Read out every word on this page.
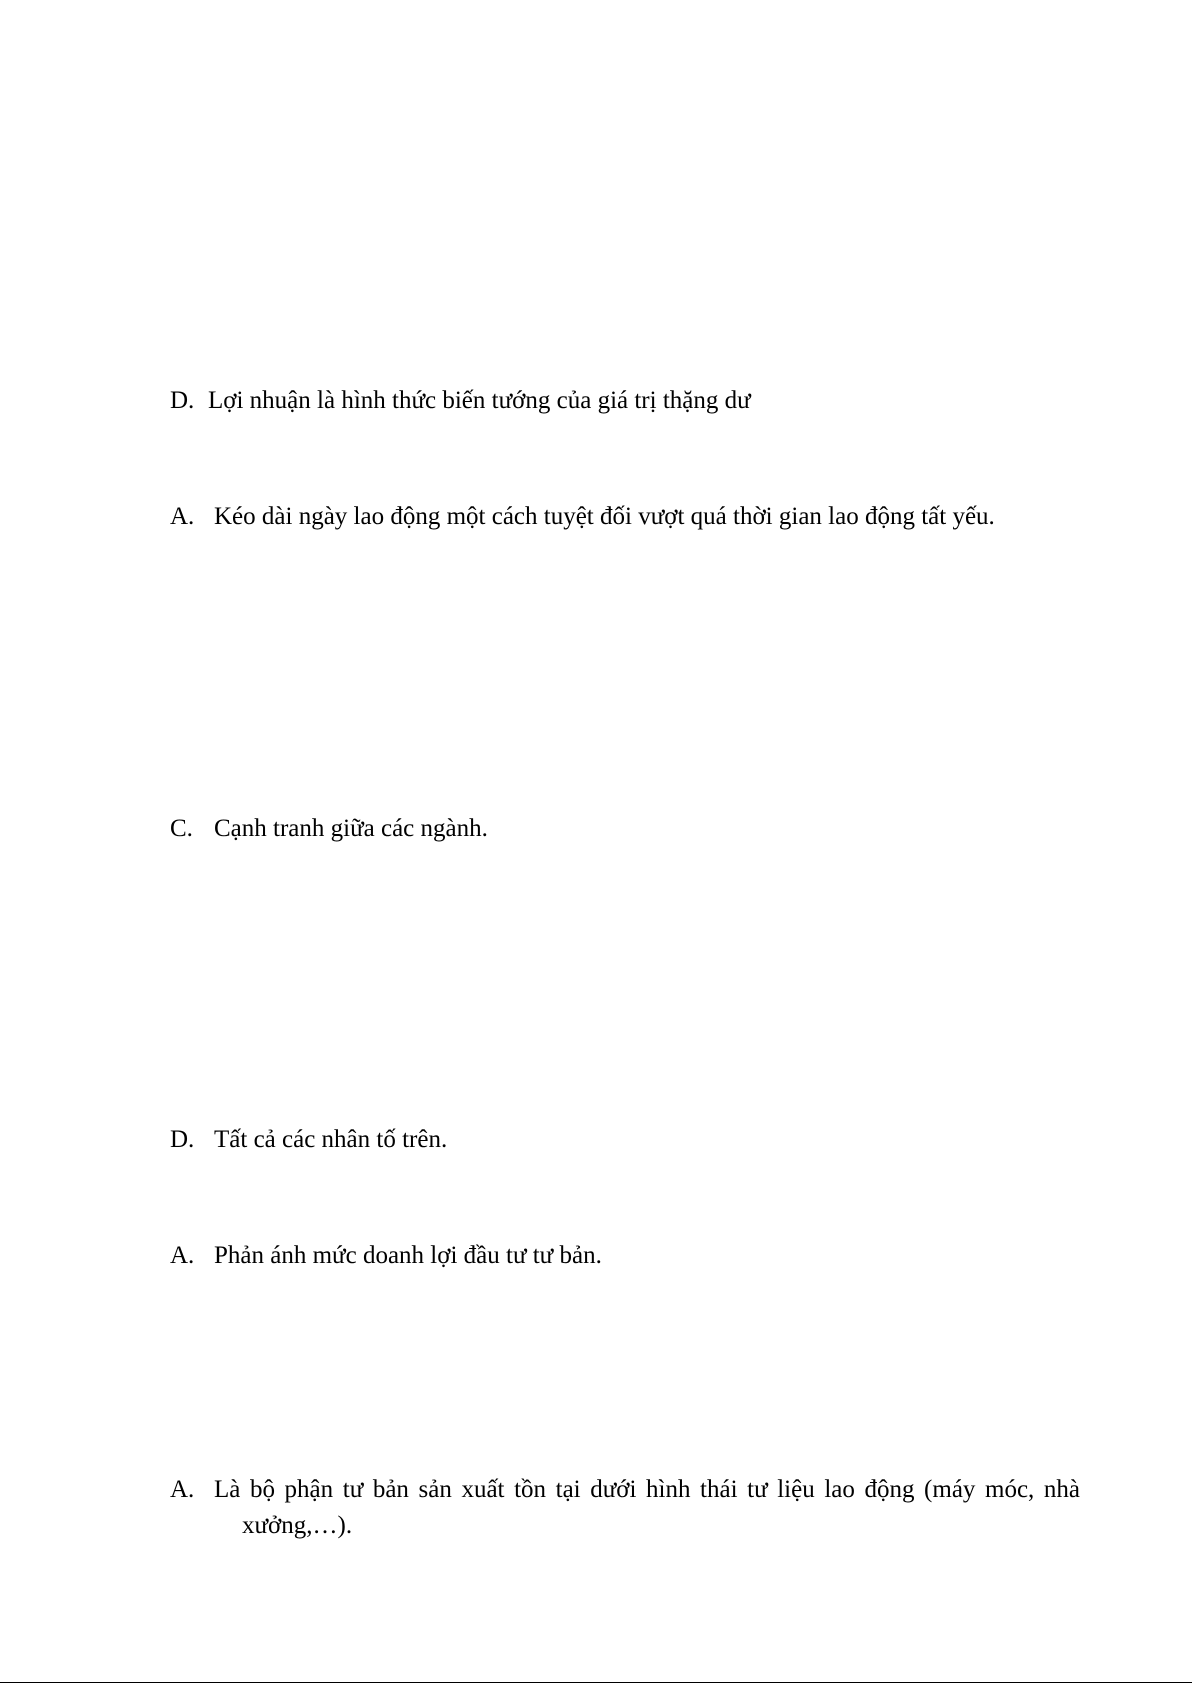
D. Lợi nhuận là hình thức biến tướng của giá trị thặng dư
A. Kéo dài ngày lao động một cách tuyệt đối vượt quá thời gian lao động tất yếu.
C. Cạnh tranh giữa các ngành.
D. Tất cả các nhân tố trên.
A. Phản ánh mức doanh lợi đầu tư tư bản.
A. Là bộ phận tư bản sản xuất tồn tại dưới hình thái tư liệu lao động (máy móc, nhà
xưởng,…).
